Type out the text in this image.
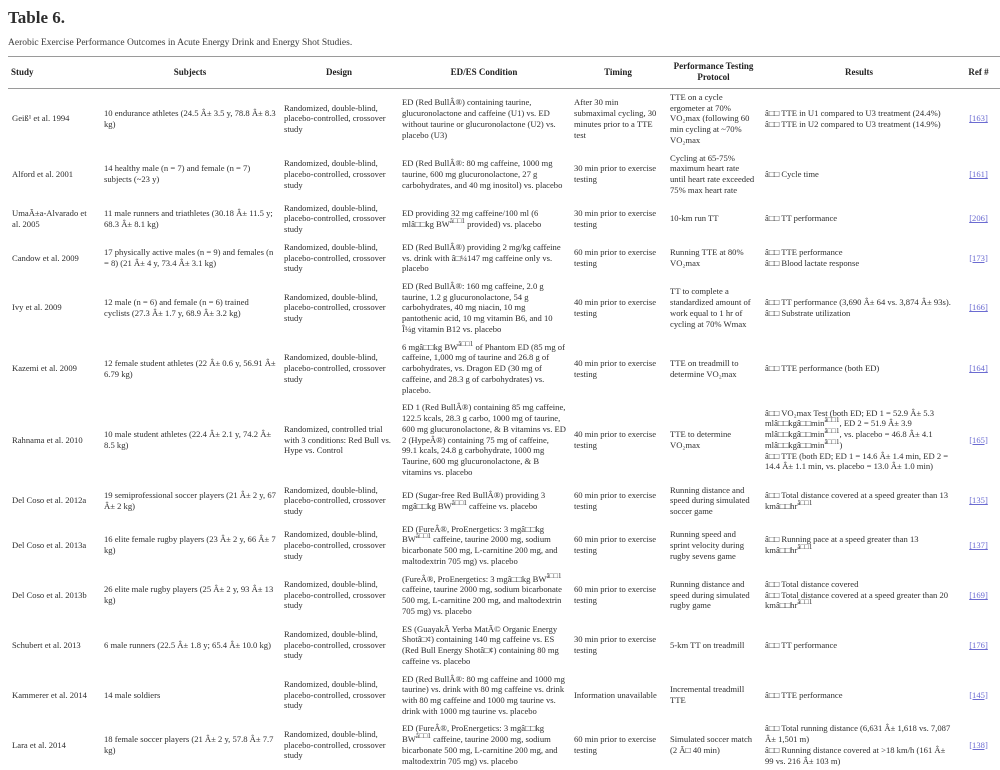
Table 6.

Aerobic Exercise Performance Outcomes in Acute Energy Drink and Energy Shot Studies.

Study	Subjects	Design	ED/ES Condition	Timing	Performance Testing Protocol	Results	Ref #
Geiß¹ et al. 1994	10 endurance athletes (24.5 Â± 3.5 y, 78.8 Â± 8.3 kg)	Randomized, double-blind, placebo-controlled, crossover study	ED (Red BullÂ®) containing taurine, glucuronolactone and caffeine (U1) vs. ED without taurine or glucuronolactone (U2) vs. placebo (U3)	After 30 min submaximal cycling, 30 minutes prior to a TTE test	TTE on a cycle ergometer at 70% VO₂max (following 60 min cycling at ~70% VO₂max	â□□ TTE in U1 compared to U3 treatment (24.4%)
â□□ TTE in U2 compared to U3 treatment (14.9%)	[163]
Alford et al. 2001	14 healthy male (n = 7) and female (n = 7) subjects (~23 y)	Randomized, double-blind, placebo-controlled, crossover study	ED (Red BullÂ®: 80 mg caffeine, 1000 mg taurine, 600 mg glucuronolactone, 27 g carbohydrates, and 40 mg inositol) vs. placebo	30 min prior to exercise testing	Cycling at 65-75% maximum heart rate until heart rate exceeded 75% max heart rate	â□□ Cycle time	[161]
UmaÃ±a-Alvarado et al. 2005	11 male runners and triathletes (30.18 Â± 11.5 y; 68.3 Â± 8.1 kg)	Randomized, double-blind, placebo-controlled, crossover study	ED providing 32 mg caffeine/100 ml (6 mlâ□□kg $BW^{â□□1}$ provided) vs. placebo	30 min prior to exercise testing	10-km run TT	â□□ TT performance	[206]
Candow et al. 2009	17 physically active males (n = 9) and females (n = 8) (21 Â± 4 y, 73.4 Â± 3.1 kg)	Randomized, double-blind, placebo-controlled, crossover study	ED (Red BullÂ®) providing 2 mg/kg caffeine vs. drink with â□¼147 mg caffeine only vs. placebo	60 min prior to exercise testing	Running TTE at 80% VO₂max	â□□ TTE performance
â□□ Blood lactate response	[173]
Ivy et al. 2009	12 male (n = 6) and female (n = 6) trained cyclists (27.3 Â± 1.7 y, 68.9 Â± 3.2 kg)	Randomized, double-blind, placebo-controlled, crossover study	ED (Red BullÂ®: 160 mg caffeine, 2.0 g taurine, 1.2 g glucuronolactone, 54 g carbohydrates, 40 mg niacin, 10 mg pantothenic acid, 10 mg vitamin B6, and 10 Î¼g vitamin B12 vs. placebo	40 min prior to exercise testing	TT to complete a standardized amount of work equal to 1 hr of cycling at 70% Wmax	â□□ TT performance (3,690 Â± 64 vs. 3,874 Â± 93s).
â□□ Substrate utilization	[166]
Kazemi et al. 2009	12 female student athletes (22 Â± 0.6 y, 56.91 Â± 6.79 kg)	Randomized, double-blind, placebo-controlled, crossover study	6 mgâ□□kg $BW^{â□□1}$ of Phantom ED (85 mg of caffeine, 1,000 mg of taurine and 26.8 g of carbohydrates, vs. Dragon ED (30 mg of caffeine, and 28.3 g of carbohydrates) vs. placebo.	40 min prior to exercise testing	TTE on treadmill to determine VO₂max	â□□ TTE performance (both ED)	[164]
Rahnama et al. 2010	10 male student athletes (22.4 Â± 2.1 y, 74.2 Â± 8.5 kg)	Randomized, controlled trial with 3 conditions: Red Bull vs. Hype vs. Control	ED 1 (Red BullÂ®) containing 85 mg caffeine, 122.5 kcals, 28.3 g carbo, 1000 mg of taurine, 600 mg glucuronolactone, & B vitamins vs. ED 2 (HypeÂ®) containing 75 mg of caffeine, 99.1 kcals, 24.8 g carbohydrate, 1000 mg Taurine, 600 mg glucuronolactone, & B vitamins vs. placebo	40 min prior to exercise testing	TTE to determine VO₂max	
â□□ VO₂max Test (both ED; ED 1 = 52.9 Â± 5.3 $mlâ□□kgâ□□\min^{â□□1}$, ED 2 = 51.9 Â± 3.9 $mlâ□□kgâ□□\min^{â□□1}$, vs. placebo = 46.8 Â± 4.1 $mlâ□□kgâ□□\min^{â□□1}$)
â□□ TTE (both ED; ED 1 = 14.6 Â± 1.4 min, ED 2 = 14.4 Â± 1.1 min, vs. placebo = 13.0 Â± 1.0 min)
	[165]
Del Coso et al. 2012a	19 semiprofessional soccer players (21 Â± 2 y, 67 Â± 2 kg)	Randomized, double-blind, placebo-controlled, crossover study	ED (Sugar-free Red BullÂ®) providing 3 mgâ□□kg $BW^{â□□1}$ caffeine vs. placebo	60 min prior to exercise testing	Running distance and speed during simulated soccer game	â□□ Total distance covered at a speed greater than 13 $kmâ□□hr^{â□□1}$	[135]
Del Coso et al. 2013a	16 elite female rugby players (23 Â± 2 y, 66 Â± 7 kg)	Randomized, double-blind, placebo-controlled, crossover study	ED (FureÂ®, ProEnergetics: 3 mgâ□□kg $BW^{â□□1}$ caffeine, taurine 2000 mg, sodium bicarbonate 500 mg, L-carnitine 200 mg, and maltodextrin 705 mg) vs. placebo	60 min prior to exercise testing	Running speed and sprint velocity during rugby sevens game	â□□ Running pace at a speed greater than 13 $kmâ□□hr^{â□□1}$	[137]
Del Coso et al. 2013b	26 elite male rugby players (25 Â± 2 y, 93 Â± 13 kg)	Randomized, double-blind, placebo-controlled, crossover study	(FureÂ®, ProEnergetics: 3 mgâ□□kg $BW^{â□□1}$ caffeine, taurine 2000 mg, sodium bicarbonate 500 mg, L-carnitine 200 mg, and maltodextrin 705 mg) vs. placebo	60 min prior to exercise testing	Running distance and speed during simulated rugby game	â□□ Total distance covered
â□□ Total distance covered at a speed greater than 20 $kmâ□□hr^{â□□1}$	[169]
Schubert et al. 2013	6 male runners (22.5 Â± 1.8 y; 65.4 Â± 10.0 kg)	Randomized, double-blind, placebo-controlled, crossover study	ES (GuayakÃ Yerba MatÃ© Organic Energy Shotâ□¢) containing 140 mg caffeine vs. ES (Red Bull Energy Shotâ□¢) containing 80 mg caffeine vs. placebo	30 min prior to exercise testing	5-km TT on treadmill	â□□ TT performance	[176]
Kammerer et al. 2014	14 male soldiers	Randomized, double-blind, placebo-controlled, crossover study	ED (Red BullÂ®: 80 mg caffeine and 1000 mg taurine) vs. drink with 80 mg caffeine vs. drink with 80 mg caffeine and 1000 mg taurine vs. drink with 1000 mg taurine vs. placebo	Information unavailable	Incremental treadmill TTE	â□□ TTE performance	[145]
Lara et al. 2014	18 female soccer players (21 Â± 2 y, 57.8 Â± 7.7 kg)	Randomized, double-blind, placebo-controlled, crossover study	ED (FureÂ®, ProEnergetics: 3 mgâ□□kg $BW^{â□□1}$ caffeine, taurine 2000 mg, sodium bicarbonate 500 mg, L-carnitine 200 mg, and maltodextrin 705 mg) vs. placebo	60 min prior to exercise testing	Simulated soccer match (2 Ã□ 40 min)	â□□ Total running distance (6,631 Â± 1,618 vs. 7,087 Â± 1,501 m)
â□□ Running distance covered at >18 km/h (161 Â± 99 vs. 216 Â± 103 m)	[138]
